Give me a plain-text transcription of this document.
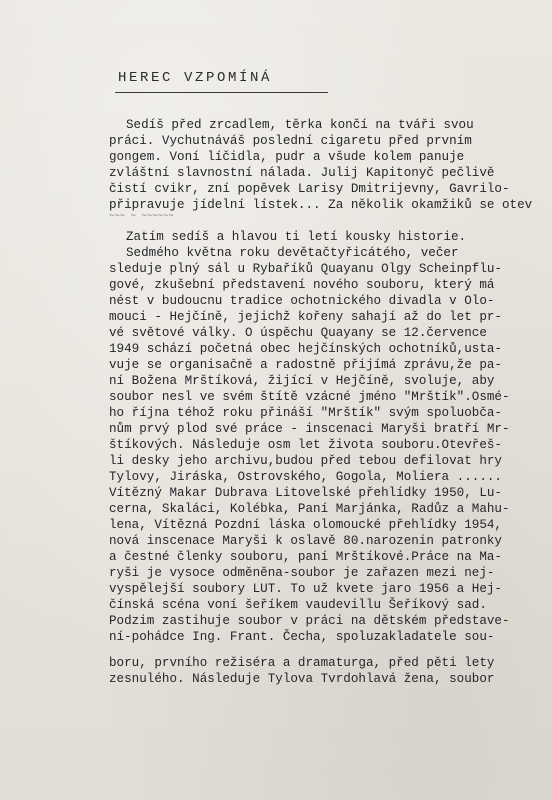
HEREC VZPOMÍNÁ
Sedíš před zrcadlem, těrka končí na tváři svou
práci. Vychutnáváš poslední cigaretu před prvním
gongem. Voní líčidla, pudr a všude kolem panuje
zvláštní slavnostní nálada. Julij Kapitonyč pečlivě
čistí cvikr, zní popěvek Larisy Dmitrijevny, Gavrilo-
připravuje jídelní lístek... Za několik okamžiků se otev
~~~ ~ ~~~~~~
Zatím sedíš a hlavou ti letí kousky historie.
Sedmého května roku devětačtyřicátého, večer
sleduje plný sál u Rybaříků Quayanu Olgy Scheinpflu-
gové, zkušební představení nového souboru, který má
nést v budoucnu tradice ochotnického divadla v Olo-
mouci - Hejčíně, jejichž kořeny sahají až do let pr-
vé světové války. O úspěchu Quayany se 12.července
1949 schází početná obec hejčínských ochotníků,usta-
vuje se organisačně a radostně přijímá zprávu,že pa-
ní Božena Mrštíková, žijící v Hejčíně, svoluje, aby
soubor nesl ve svém štítě vzácné jméno "Mrštík".Osmé-
ho října téhož roku přináší "Mrštík" svým spoluobča-
nům prvý plod své práce - inscenaci Maryši bratří Mr-
štíkových. Následuje osm let života souboru.Otevřeš-
li desky jeho archivu,budou před tebou defilovat hry
Tylovy, Jiráska, Ostrovského, Gogola, Moliera ......
Vítězný Makar Dubrava Litovelské přehlídky 1950, Lu-
cerna, Skaláci, Kolébka, Paní Marjánka, Radůz a Mahu-
lena, Vítězná Pozdní láska olomoucké přehlídky 1954,
nová inscenace Maryši k oslavě 80.narozenin patronky
a čestné členky souboru, paní Mrštíkové.Práce na Ma-
ryši je vysoce odměněna-soubor je zařazen mezi nej-
vyspělejší soubory LUT. To už kvete jaro 1956 a Hej-
čínská scéna voní šeříkem vaudevillu Šeříkový sad.
Podzim zastihuje soubor v práci na dětském představe-
ní-pohádce Ing. Frant. Čecha, spoluzakladatele sou-
boru, prvního režiséra a dramaturga, před pěti lety
zesnulého. Následuje Tylova Tvrdohlavá žena, soubor
